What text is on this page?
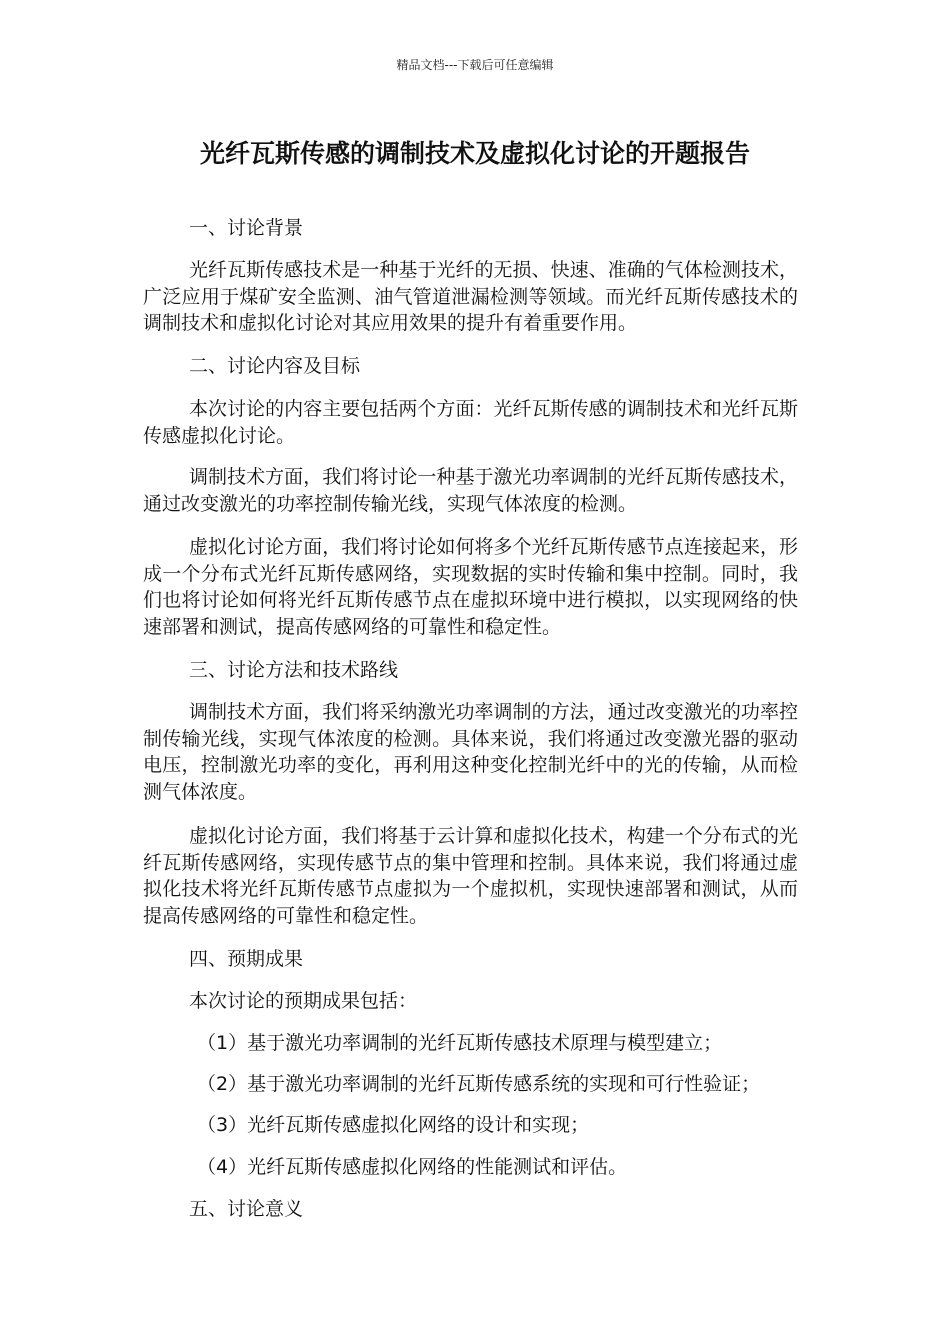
精品文档---下载后可任意编辑
光纤瓦斯传感的调制技术及虚拟化讨论的开题报告
一、讨论背景
光纤瓦斯传感技术是一种基于光纤的无损、快速、准确的气体检测技术，广泛应用于煤矿安全监测、油气管道泄漏检测等领域。而光纤瓦斯传感技术的调制技术和虚拟化讨论对其应用效果的提升有着重要作用。
二、讨论内容及目标
本次讨论的内容主要包括两个方面：光纤瓦斯传感的调制技术和光纤瓦斯传感虚拟化讨论。
调制技术方面，我们将讨论一种基于激光功率调制的光纤瓦斯传感技术，通过改变激光的功率控制传输光线，实现气体浓度的检测。
虚拟化讨论方面，我们将讨论如何将多个光纤瓦斯传感节点连接起来，形成一个分布式光纤瓦斯传感网络，实现数据的实时传输和集中控制。同时，我们也将讨论如何将光纤瓦斯传感节点在虚拟环境中进行模拟，以实现网络的快速部署和测试，提高传感网络的可靠性和稳定性。
三、讨论方法和技术路线
调制技术方面，我们将采纳激光功率调制的方法，通过改变激光的功率控制传输光线，实现气体浓度的检测。具体来说，我们将通过改变激光器的驱动电压，控制激光功率的变化，再利用这种变化控制光纤中的光的传输，从而检测气体浓度。
虚拟化讨论方面，我们将基于云计算和虚拟化技术，构建一个分布式的光纤瓦斯传感网络，实现传感节点的集中管理和控制。具体来说，我们将通过虚拟化技术将光纤瓦斯传感节点虚拟为一个虚拟机，实现快速部署和测试，从而提高传感网络的可靠性和稳定性。
四、预期成果
本次讨论的预期成果包括：
（1）基于激光功率调制的光纤瓦斯传感技术原理与模型建立；
（2）基于激光功率调制的光纤瓦斯传感系统的实现和可行性验证；
（3）光纤瓦斯传感虚拟化网络的设计和实现；
（4）光纤瓦斯传感虚拟化网络的性能测试和评估。
五、讨论意义
